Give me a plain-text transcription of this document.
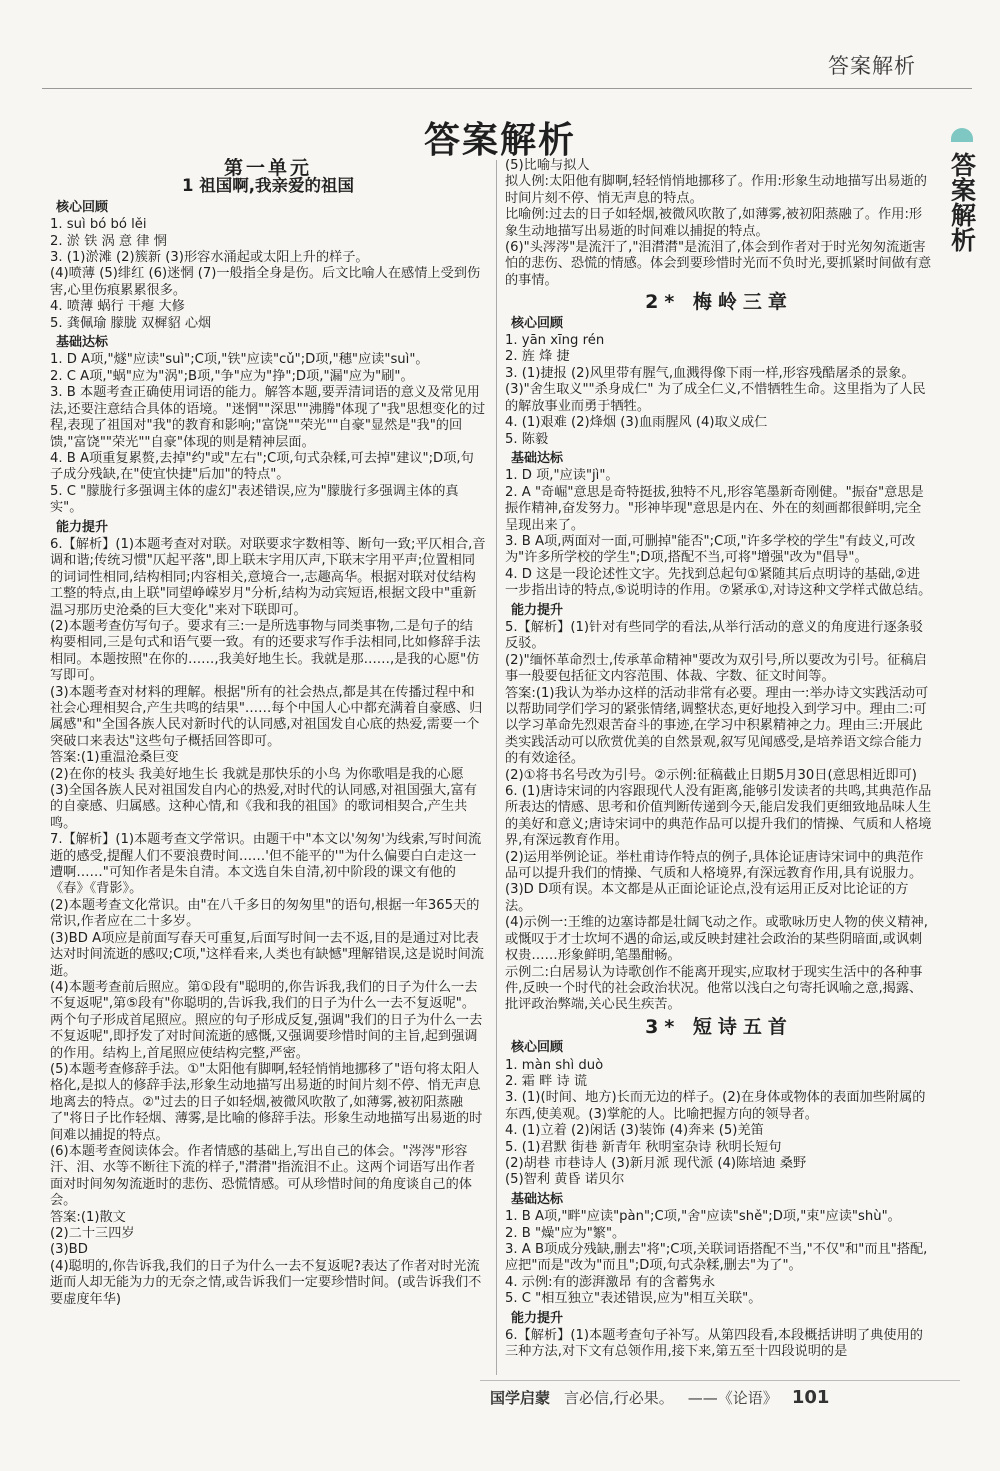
答案解析
答案解析
答案解析
第一单元
1 祖国啊,我亲爱的祖国
核心回顾

1. suì bó bó lěi

2. 淤 铁 涡 意 律 惘

3. (1)淤滩 (2)簇新 (3)形容水涌起或太阳上升的样子。

(4)喷薄 (5)绯红 (6)迷惘 (7)一般指全身是伤。后文比喻人在感情上受到伤害,心里伤痕累累很多。

4. 喷薄 蜗行 干瘪 大修

5. 龚佩瑜 朦胧 双樨貂 心烟

基础达标

1. D A项,"燧"应读"suì";C项,"铁"应读"cǔ";D项,"穗"应读"suì"。

2. C A项,"蜗"应为"涡";B项,"争"应为"挣";D项,"漏"应为"刷"。

3. B 本题考查正确使用词语的能力。解答本题,要弄清词语的意义及常见用法,还要注意结合具体的语境。"迷惘""深思""沸腾"体现了"我"思想变化的过程,表现了祖国对"我"的教育和影响;"富饶""荣光""自豪"显然是"我"的回馈,"富饶""荣光""自豪"体现的则是精神层面。

4. B A项重复累赘,去掉"约"或"左右";C项,句式杂糅,可去掉"建议";D项,句子成分残缺,在"使宜快捷"后加"的特点"。

5. C "朦胧行多强调主体的虚幻"表述错误,应为"朦胧行多强调主体的真实"。

能力提升

6.【解析】(1)本题考查对对联。对联要求字数相等、断句一致;平仄相合,音调和谐;传统习惯"仄起平落",即上联末字用仄声,下联末字用平声;位置相同的词词性相同,结构相同;内容相关,意境合一,志趣高华。根据对联对仗结构工整的特点,由上联"同望峥嵘岁月"分析,结构为动宾短语,根据文段中"重新温习那历史沧桑的巨大变化"来对下联即可。

(2)本题考查仿写句子。要求有三:一是所选事物与同类事物,二是句子的结构要相同,三是句式和语气要一致。有的还要求写作手法相同,比如修辞手法相同。本题按照"在你的……,我美好地生长。我就是那……,是我的心愿"仿写即可。

(3)本题考查对材料的理解。根据"所有的社会热点,都是其在传播过程中和社会心理相契合,产生共鸣的结果"……每个中国人心中都充满着自豪感、归属感"和"全国各族人民对新时代的认同感,对祖国发自心底的热爱,需要一个突破口来表达"这些句子概括回答即可。

答案:(1)重温沧桑巨变

(2)在你的枝头 我美好地生长 我就是那快乐的小鸟 为你歌唱是我的心愿

(3)全国各族人民对祖国发自内心的热爱,对时代的认同感,对祖国强大,富有的自豪感、归属感。这种心情,和《我和我的祖国》的歌词相契合,产生共鸣。

7.【解析】(1)本题考查文学常识。由题干中"本文以'匆匆'为线索,写时间流逝的感受,提醒人们不要浪费时间……'但不能平的'"为什么偏要白白走这一遭啊……"可知作者是朱自清。本文选自朱自清,初中阶段的课文有他的《春》《背影》。

(2)本题考查文化常识。由"在八千多日的匆匆里"的语句,根据一年365天的常识,作者应在二十多岁。

(3)BD A项应是前面写春天可重复,后面写时间一去不返,目的是通过对比表达对时间流逝的感叹;C项,"这样看来,人类也有缺憾"理解错误,这是说时间流逝。

(4)本题考查前后照应。第①段有"聪明的,你告诉我,我们的日子为什么一去不复返呢",第⑤段有"你聪明的,告诉我,我们的日子为什么一去不复返呢"。两个句子形成首尾照应。照应的句子形成反复,强调"我们的日子为什么一去不复返呢",即抒发了对时间流逝的感慨,又强调要珍惜时间的主旨,起到强调的作用。结构上,首尾照应使结构完整,严密。

(5)本题考查修辞手法。①"太阳他有脚啊,轻轻悄悄地挪移了"语句将太阳人格化,是拟人的修辞手法,形象生动地描写出易逝的时间片刻不停、悄无声息地离去的特点。②"过去的日子如轻烟,被微风吹散了,如薄雾,被初阳蒸融了"将日子比作轻烟、薄雾,是比喻的修辞手法。形象生动地描写出易逝的时间难以捕捉的特点。

(6)本题考查阅读体会。作者情感的基础上,写出自己的体会。"涔涔"形容汗、泪、水等不断往下流的样子,"潸潸"指流泪不止。这两个词语写出作者面对时间匆匆流逝时的悲伤、恐慌情感。可从珍惜时间的角度谈自己的体会。

答案:(1)散文

(2)二十三四岁

(3)BD

(4)聪明的,你告诉我,我们的日子为什么一去不复返呢?表达了作者对时光流逝而人却无能为力的无奈之情,或告诉我们一定要珍惜时间。(或告诉我们不要虚度年华)

(5)比喻与拟人

拟人例:太阳他有脚啊,轻轻悄悄地挪移了。作用:形象生动地描写出易逝的时间片刻不停、悄无声息的特点。

比喻例:过去的日子如轻烟,被微风吹散了,如薄雾,被初阳蒸融了。作用:形象生动地描写出易逝的时间难以捕捉的特点。

(6)"头涔涔"是流汗了,"泪潸潸"是流泪了,体会到作者对于时光匆匆流逝害怕的悲伤、恐慌的情感。体会到要珍惜时光而不负时光,要抓紧时间做有意的事情。

2* 梅岭三章
核心回顾

1. yān xīng rén

2. 旌 烽 捷

3. (1)捷报 (2)风里带有腥气,血溅得像下雨一样,形容残酷屠杀的景象。(3)"舍生取义""杀身成仁" 为了成全仁义,不惜牺牲生命。这里指为了人民的解放事业而勇于牺牲。

4. (1)艰难 (2)烽烟 (3)血雨腥风 (4)取义成仁

5. 陈毅

基础达标

1. D 项,"应读"jì"。

2. A "奇崛"意思是奇特挺拔,独特不凡,形容笔墨新奇刚健。"振奋"意思是振作精神,奋发努力。"形神毕现"意思是内在、外在的刻画都很鲜明,完全呈现出来了。

3. B A项,两面对一面,可删掉"能否";C项,"许多学校的学生"有歧义,可改为"许多所学校的学生";D项,搭配不当,可将"增强"改为"倡导"。

4. D 这是一段论述性文字。先找到总起句①紧随其后点明诗的基础,②进一步指出诗的特点,⑤说明诗的作用。⑦紧承①,对诗这种文学样式做总结。

能力提升

5.【解析】(1)针对有些同学的看法,从举行活动的意义的角度进行逐条驳反驳。

(2)"缅怀革命烈士,传承革命精神"要改为双引号,所以要改为引号。征稿启事一般要包括征文内容范围、体裁、字数、征文时间等。

答案:(1)我认为举办这样的活动非常有必要。理由一:举办诗文实践活动可以帮助同学们学习的紧张情绪,调整状态,更好地投入到学习中。理由二:可以学习革命先烈艰苦奋斗的事迹,在学习中积累精神之力。理由三:开展此类实践活动可以欣赏优美的自然景观,叙写见闻感受,是培养语文综合能力的有效途径。

(2)①将书名号改为引号。②示例:征稿截止日期5月30日(意思相近即可)

6. (1)唐诗宋词的内容跟现代人没有距离,能够引发读者的共鸣,其典范作品所表达的情感、思考和价值判断传递到今天,能启发我们更细致地品味人生的美好和意义;唐诗宋词中的典范作品可以提升我们的情操、气质和人格境界,有深远教育作用。

(2)运用举例论证。举杜甫诗作特点的例子,具体论证唐诗宋词中的典范作品可以提升我们的情操、气质和人格境界,有深远教育作用,具有说服力。

(3)D D项有误。本文都是从正面论证论点,没有运用正反对比论证的方法。

(4)示例一:王维的边塞诗都是壮阔飞动之作。或歌咏历史人物的侠义精神,或慨叹于才士坎坷不遇的命运,或反映封建社会政治的某些阴暗面,或讽刺权贵……形象鲜明,笔墨酣畅。

示例二:白居易认为诗歌创作不能离开现实,应取材于现实生活中的各种事件,反映一个时代的社会政治状况。他常以浅白之句寄托讽喻之意,揭露、批评政治弊端,关心民生疾苦。

3* 短诗五首
核心回顾

1. màn shì duò

2. 霜 畔 诗 谎

3. (1)(时间、地方)长而无边的样子。(2)在身体或物体的表面加些附属的东西,使美观。(3)掌舵的人。比喻把握方向的领导者。

4. (1)立着 (2)闲话 (3)装饰 (4)奔来 (5)羌笛

5. (1)君默 街巷 新青年 秋明室杂诗 秋明长短句

(2)胡巷 市巷诗人 (3)新月派 现代派 (4)陈培迪 桑野

(5)智利 黄昏 诺贝尔

基础达标

1. B A项,"畔"应读"pàn";C项,"舍"应读"shě";D项,"束"应读"shù"。

2. B "燥"应为"繁"。

3. A B项成分残缺,删去"将";C项,关联词语搭配不当,"不仅"和"而且"搭配,应把"而是"改为"而且";D项,句式杂糅,删去"为了"。

4. 示例:有的澎湃激昂 有的含蓄隽永

5. C "相互独立"表述错误,应为"相互关联"。

能力提升

6.【解析】(1)本题考查句子补写。从第四段看,本段概括讲明了典使用的三种方法,对下文有总领作用,接下来,第五至十四段说明的是

国学启蒙 言必信,行必果。 ——《论语》 101
